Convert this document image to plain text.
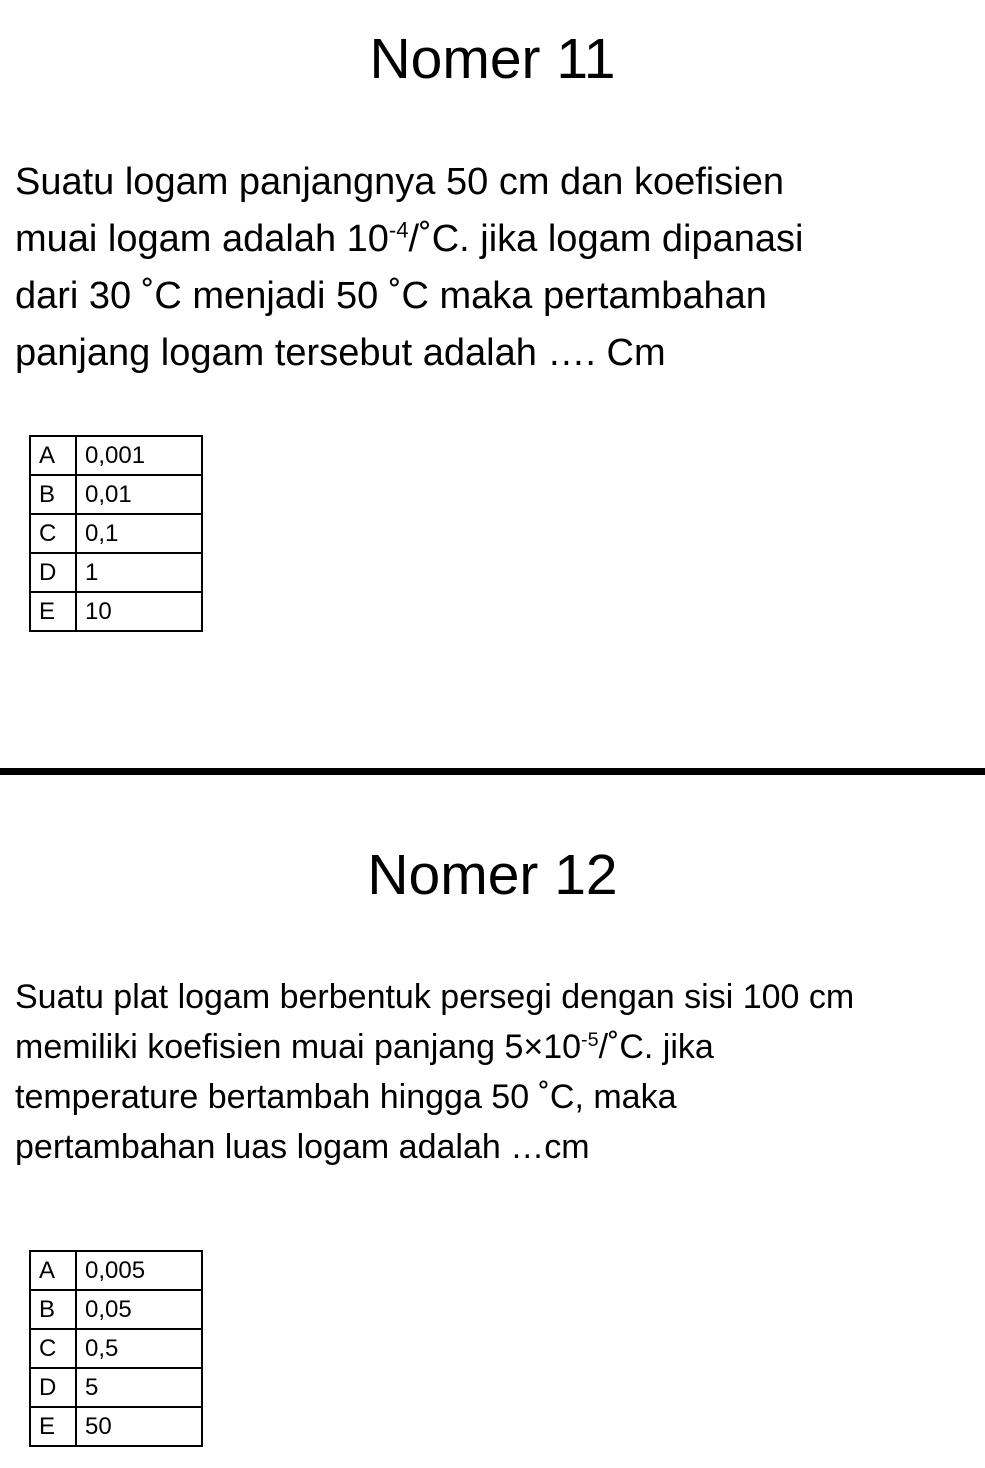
Nomer 11

Suatu logam panjangnya 50 cm dan koefisien
muai logam adalah $10^{-4}/˚C$. jika logam dipanasi
dari 30 ˚C menjadi 50 ˚C maka pertambahan
panjang logam tersebut adalah …. Cm

A	0,001
B	0,01
C	0,1
D	1
E	10
Nomer 12

Suatu plat logam berbentuk persegi dengan sisi 100 cm
memiliki koefisien muai panjang $5\times 10^{-5}/˚C$. jika
temperature bertambah hingga 50 ˚C, maka
pertambahan luas logam adalah …cm

A	0,005
B	0,05
C	0,5
D	5
E	50
